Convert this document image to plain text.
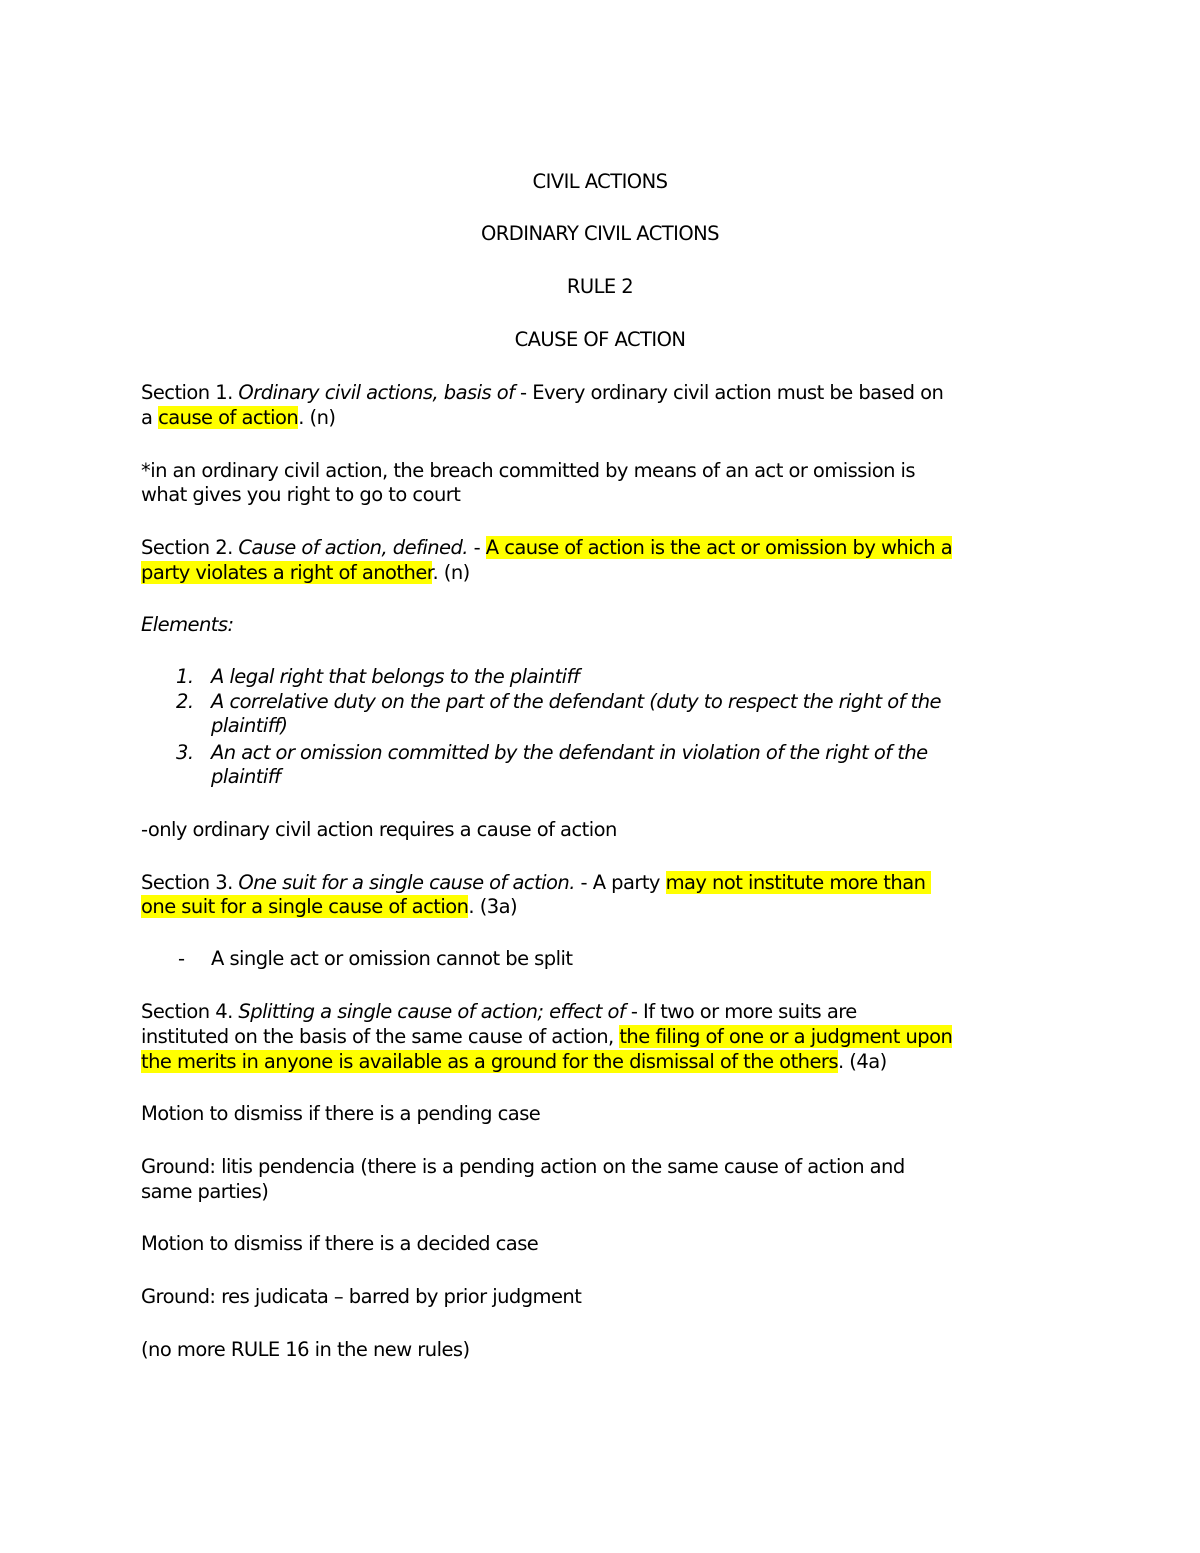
CIVIL ACTIONS
ORDINARY CIVIL ACTIONS
RULE 2
CAUSE OF ACTION
Section 1. Ordinary civil actions, basis of - Every ordinary civil action must be based on
a cause of action. (n)
*in an ordinary civil action, the breach committed by means of an act or omission is
what gives you right to go to court
Section 2. Cause of action, defined. - A cause of action is the act or omission by which a
party violates a right of another. (n)
Elements:
1. A legal right that belongs to the plaintiff
2. A correlative duty on the part of the defendant (duty to respect the right of the
plaintiff)
3. An act or omission committed by the defendant in violation of the right of the
plaintiff
-only ordinary civil action requires a cause of action
Section 3. One suit for a single cause of action. - A party may not institute more than
one suit for a single cause of action. (3a)
- A single act or omission cannot be split
Section 4. Splitting a single cause of action; effect of - If two or more suits are
instituted on the basis of the same cause of action, the filing of one or a judgment upon
the merits in anyone is available as a ground for the dismissal of the others. (4a)
Motion to dismiss if there is a pending case
Ground: litis pendencia (there is a pending action on the same cause of action and
same parties)
Motion to dismiss if there is a decided case
Ground: res judicata – barred by prior judgment
(no more RULE 16 in the new rules)
